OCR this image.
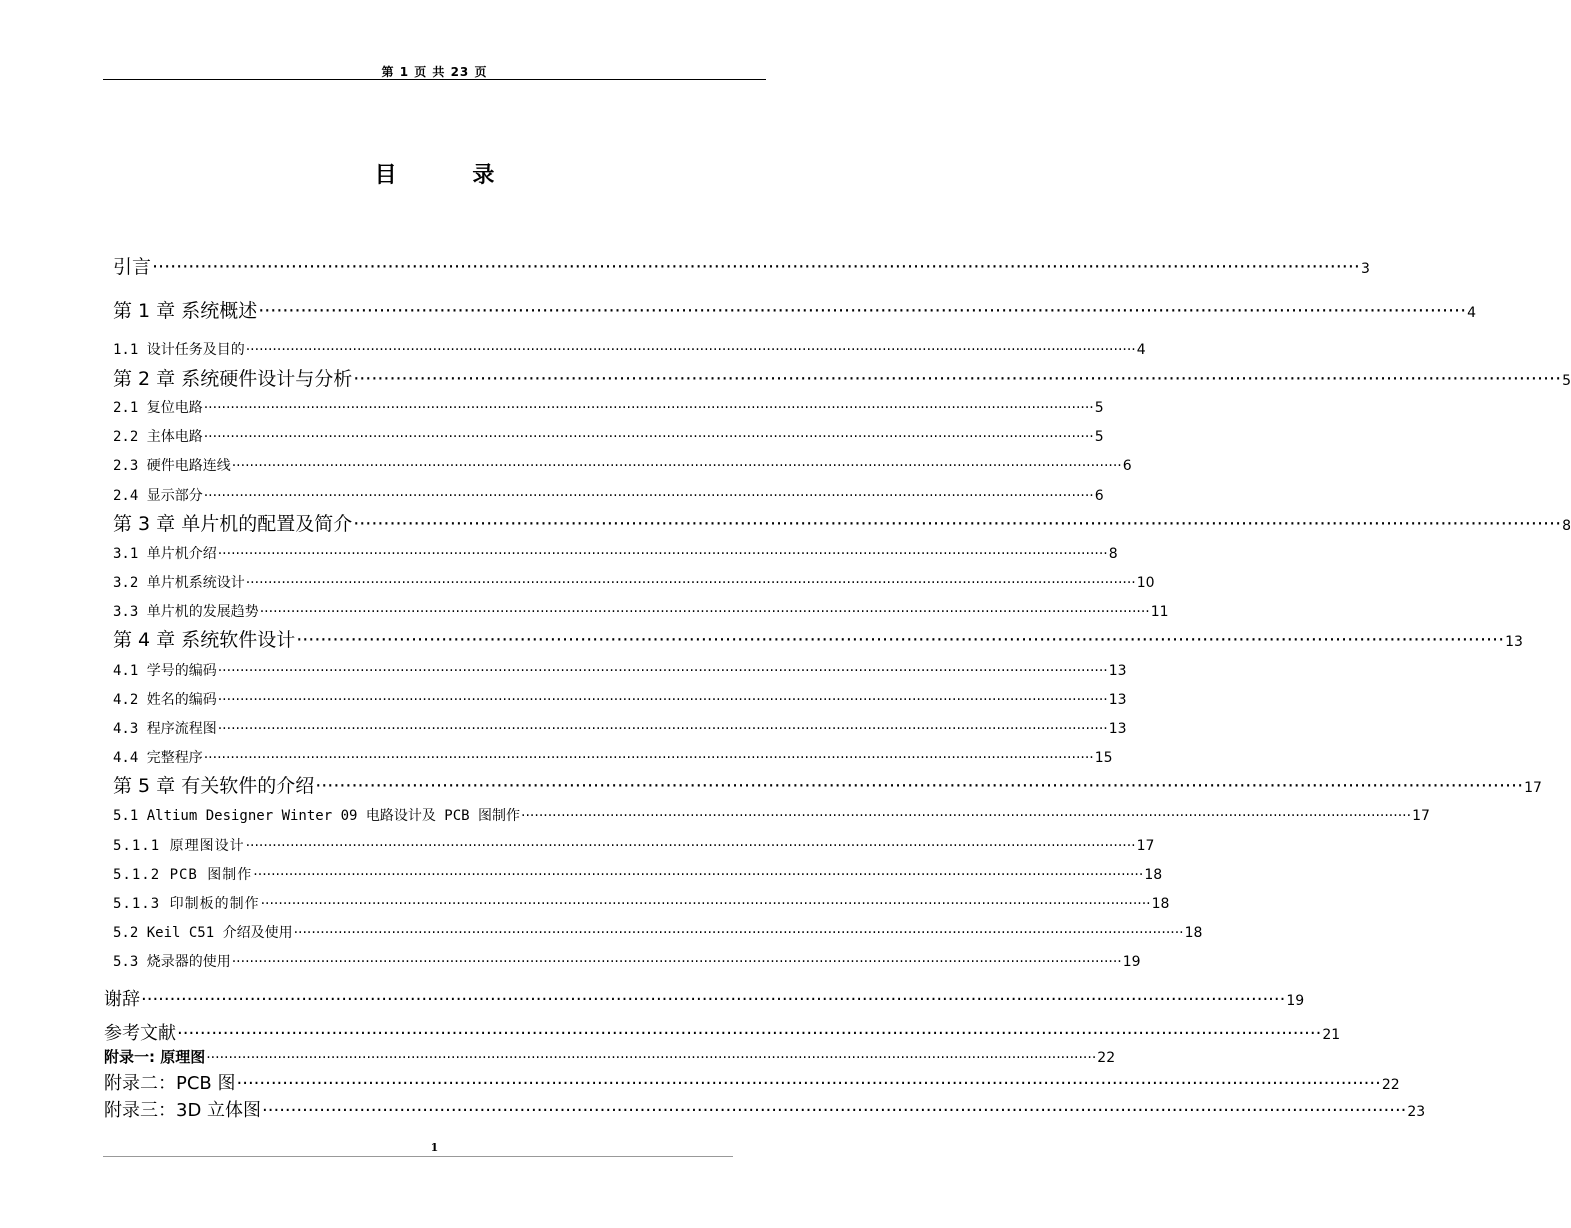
第 1 页 共 23 页
目 录
引言 ········································································································································································································ 3
第 1 章 系统概述 ········································································································································································································ 4
1.1 设计任务及目的 ········································································································································································································ 4
第 2 章 系统硬件设计与分析 ········································································································································································································ 5
2.1 复位电路 ········································································································································································································ 5
2.2 主体电路 ········································································································································································································ 5
2.3 硬件电路连线 ········································································································································································································ 6
2.4 显示部分 ········································································································································································································ 6
第 3 章 单片机的配置及简介 ········································································································································································································ 8
3.1 单片机介绍 ········································································································································································································ 8
3.2 单片机系统设计 ········································································································································································································ 10
3.3 单片机的发展趋势 ········································································································································································································ 11
第 4 章 系统软件设计 ········································································································································································································ 13
4.1 学号的编码 ········································································································································································································ 13
4.2 姓名的编码 ········································································································································································································ 13
4.3 程序流程图 ········································································································································································································ 13
4.4 完整程序 ········································································································································································································ 15
第 5 章 有关软件的介绍 ········································································································································································································ 17
5.1 Altium Designer Winter 09 电路设计及 PCB 图制作 ········································································································································································································ 17
5.1.1 原理图设计 ········································································································································································································ 17
5.1.2 PCB 图制作 ········································································································································································································ 18
5.1.3 印制板的制作 ········································································································································································································ 18
5.2 Keil C51 介绍及使用 ········································································································································································································ 18
5.3 烧录器的使用 ········································································································································································································ 19
谢辞 ········································································································································································································ 19
参考文献 ········································································································································································································ 21
附录一: 原理图 ········································································································································································································ 22
附录二：PCB 图 ········································································································································································································ 22
附录三：3D 立体图 ········································································································································································································ 23
1
